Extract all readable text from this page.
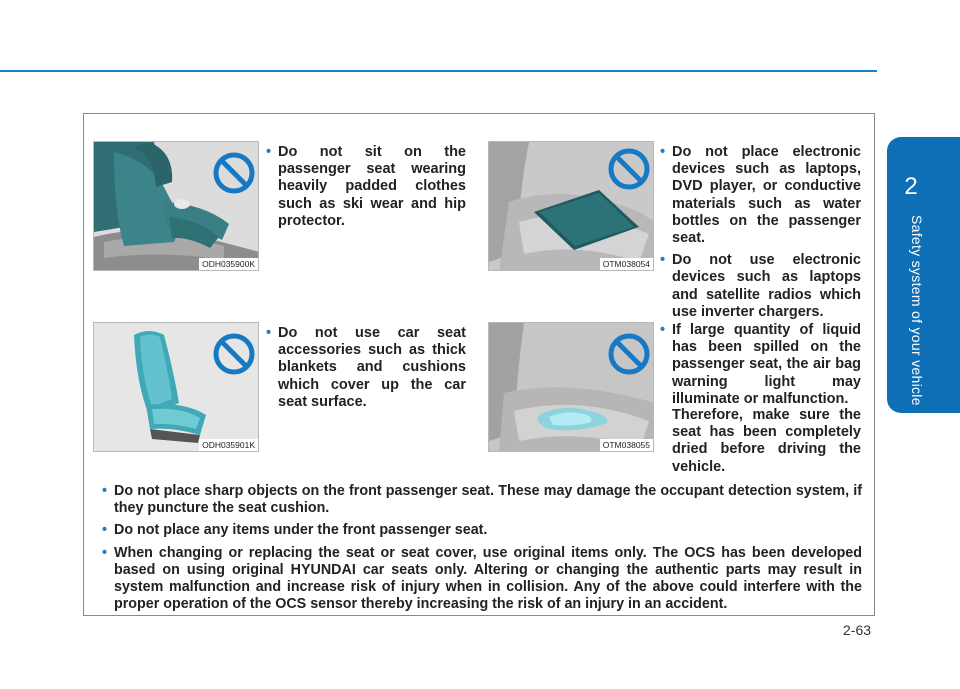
2
Safety system of your vehicle
ODH035900K
• Do not sit on the passenger seat wearing heavily padded clothes such as ski wear and hip protector.
OTM038054
• Do not place electronic devices such as laptops, DVD player, or conductive materials such as water bottles on the passenger seat.
• Do not use electronic devices such as laptops and satellite radios which use inverter chargers.
ODH035901K
• Do not use car seat accessories such as thick blankets and cushions which cover up the car seat surface.
OTM038055
• If large quantity of liquid has been spilled on the passenger seat, the air bag warning light may illuminate or malfunction.

Therefore, make sure the seat has been completely dried before driving the vehicle.

• Do not place sharp objects on the front passenger seat. These may damage the occupant detection system, if they puncture the seat cushion.
• Do not place any items under the front passenger seat.
• When changing or replacing the seat or seat cover, use original items only. The OCS has been developed based on using original HYUNDAI car seats only. Altering or changing the authentic parts may result in system malfunction and increase risk of injury when in collision. Any of the above could interfere with the proper operation of the OCS sensor thereby increasing the risk of an injury in an accident.
2-63
